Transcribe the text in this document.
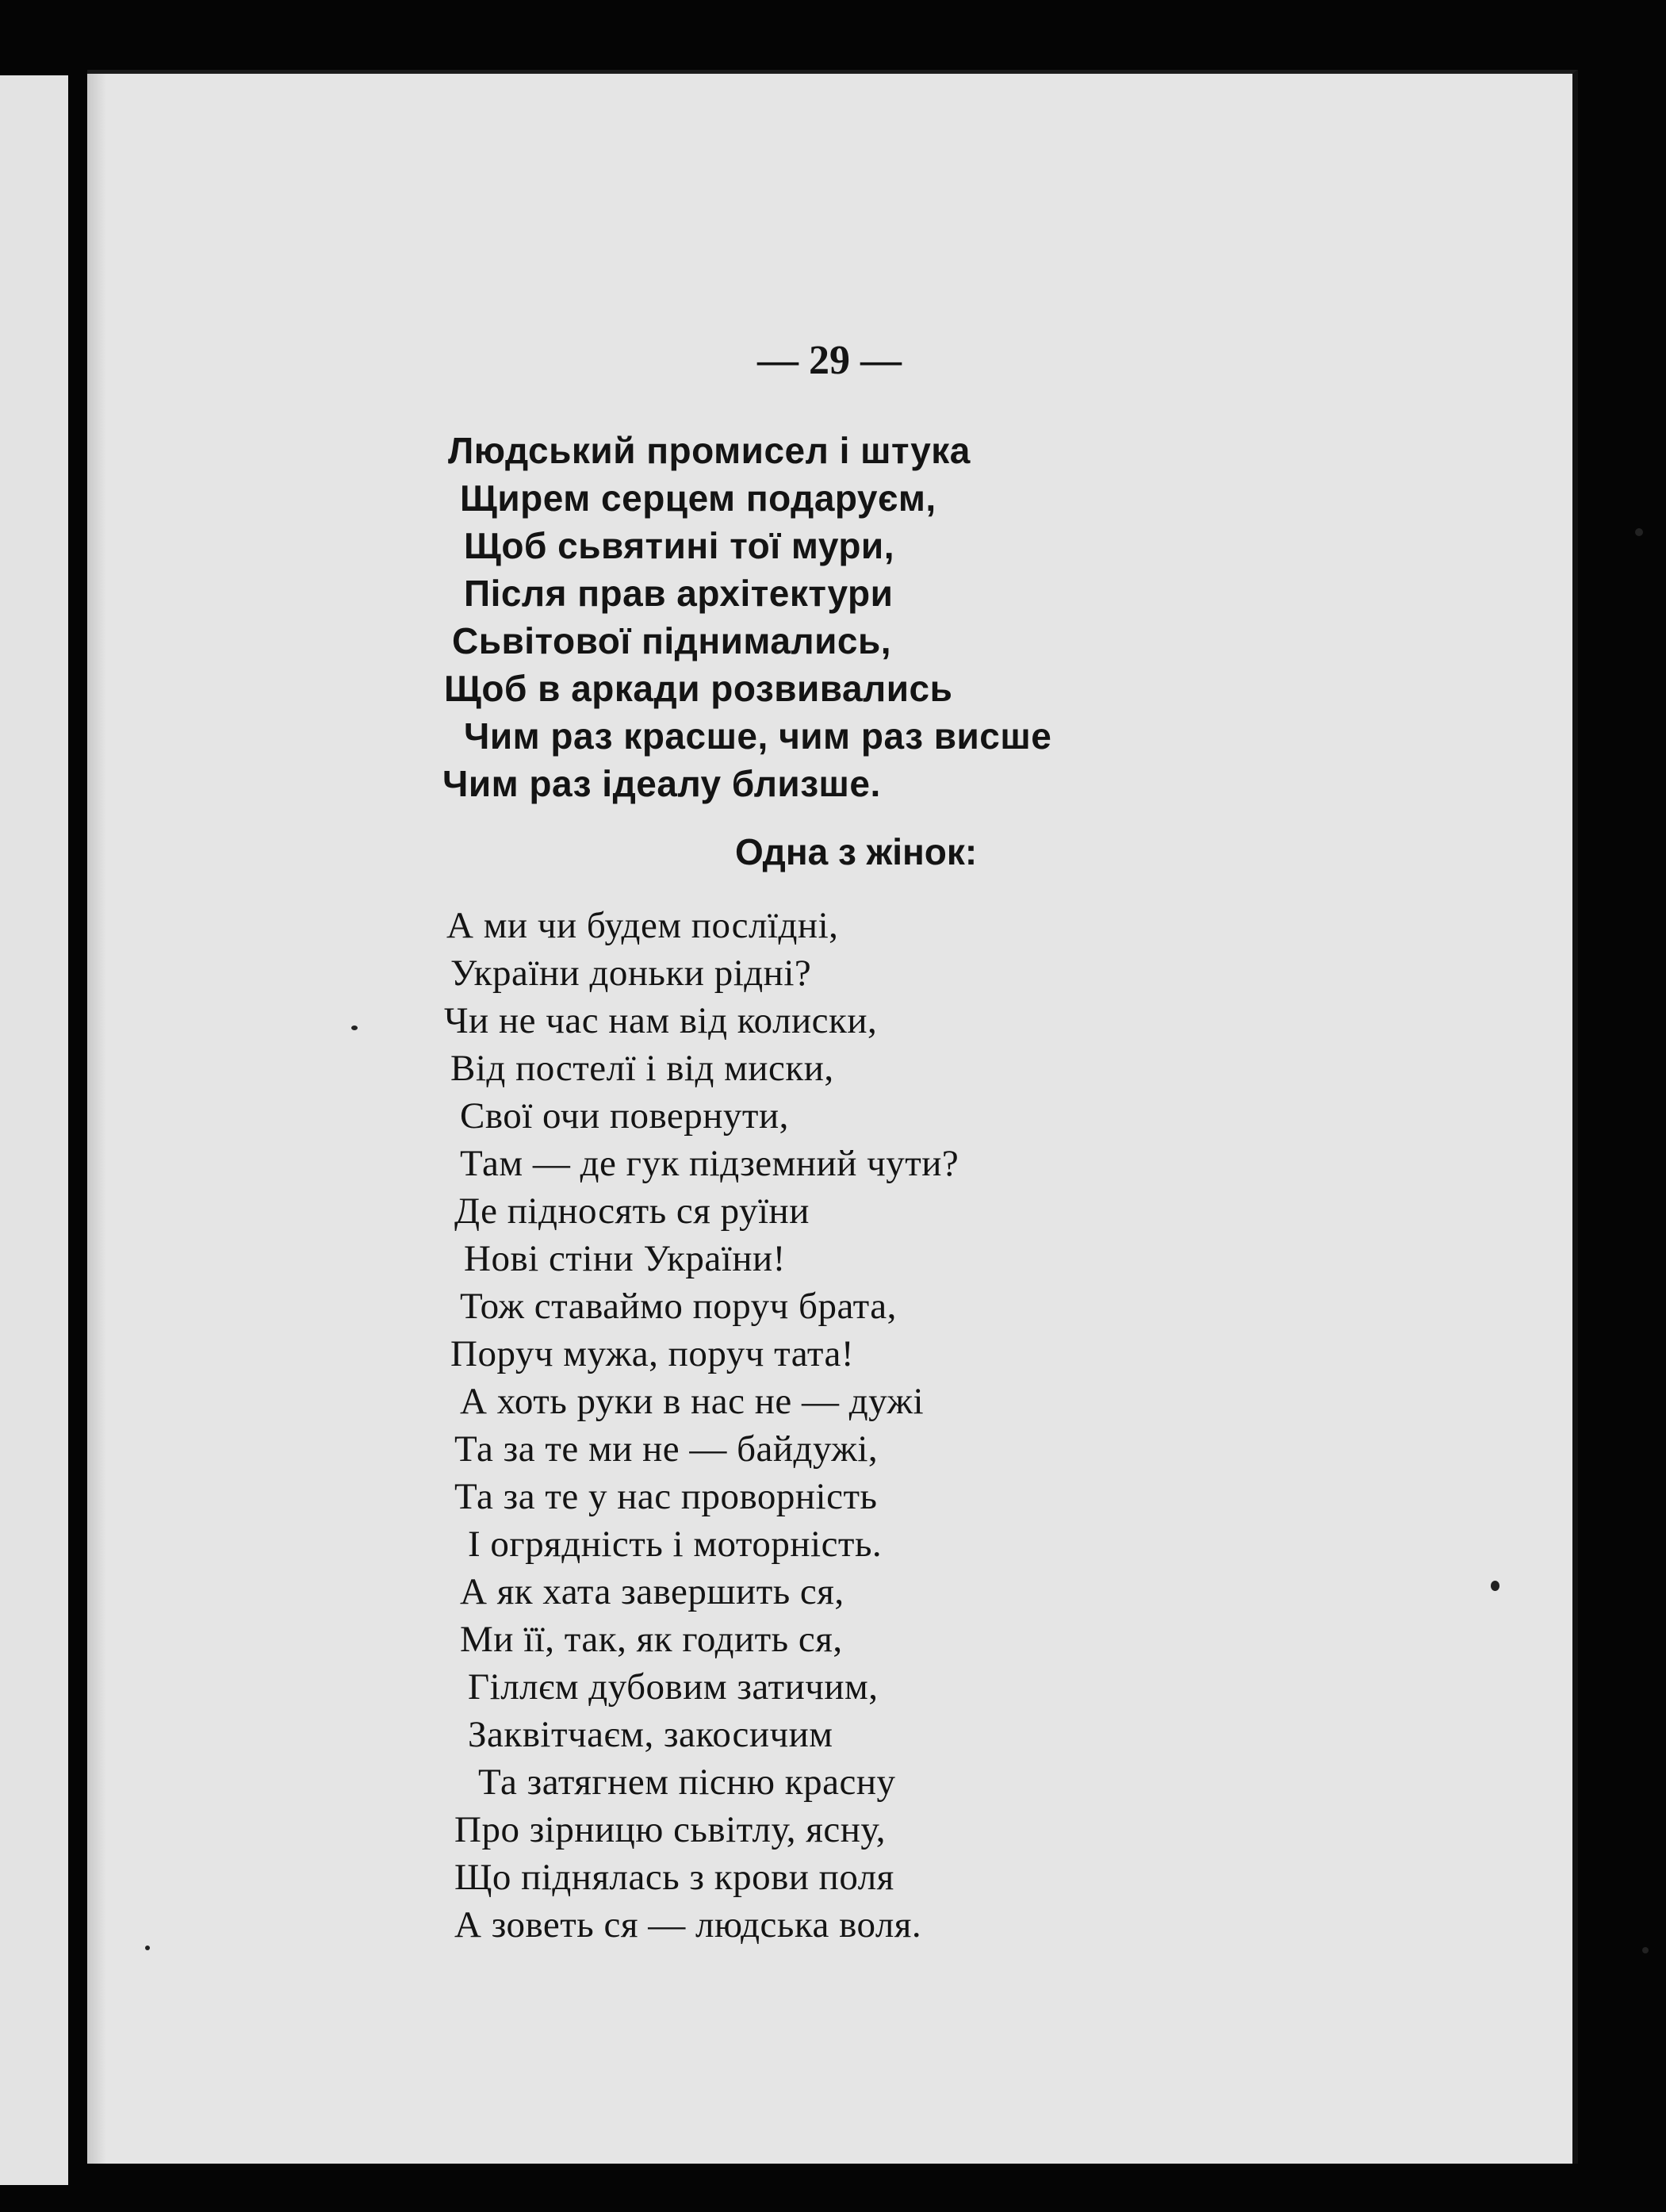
— 29 —
Людський промисел і штука
Щирем серцем подаруєм,
Щоб сьвятині тої мури,
Після прав архітектури
Сьвітової піднимались,
Щоб в аркади розвивались
Чим раз красше, чим раз висше
Чим раз ідеалу близше.
Одна з жінок:
А ми чи будем послїдні,
України доньки рідні?
Чи не час нам від колиски,
Від постелї і від миски,
Свої очи повернути,
Там — де гук підземний чути?
Де підносять ся руїни
Нові стіни України!
Тож ставаймо поруч брата,
Поруч мужа, поруч тата!
А хоть руки в нас не — дужі
Та за те ми не — байдужі,
Та за те у нас проворність
І огрядність і моторність.
А як хата завершить ся,
Ми її, так, як годить ся,
Гіллєм дубовим затичим,
Заквітчаєм, закосичим
Та затягнем пісню красну
Про зірницю сьвітлу, ясну,
Що піднялась з крови поля
А зоветь ся — людська воля.
